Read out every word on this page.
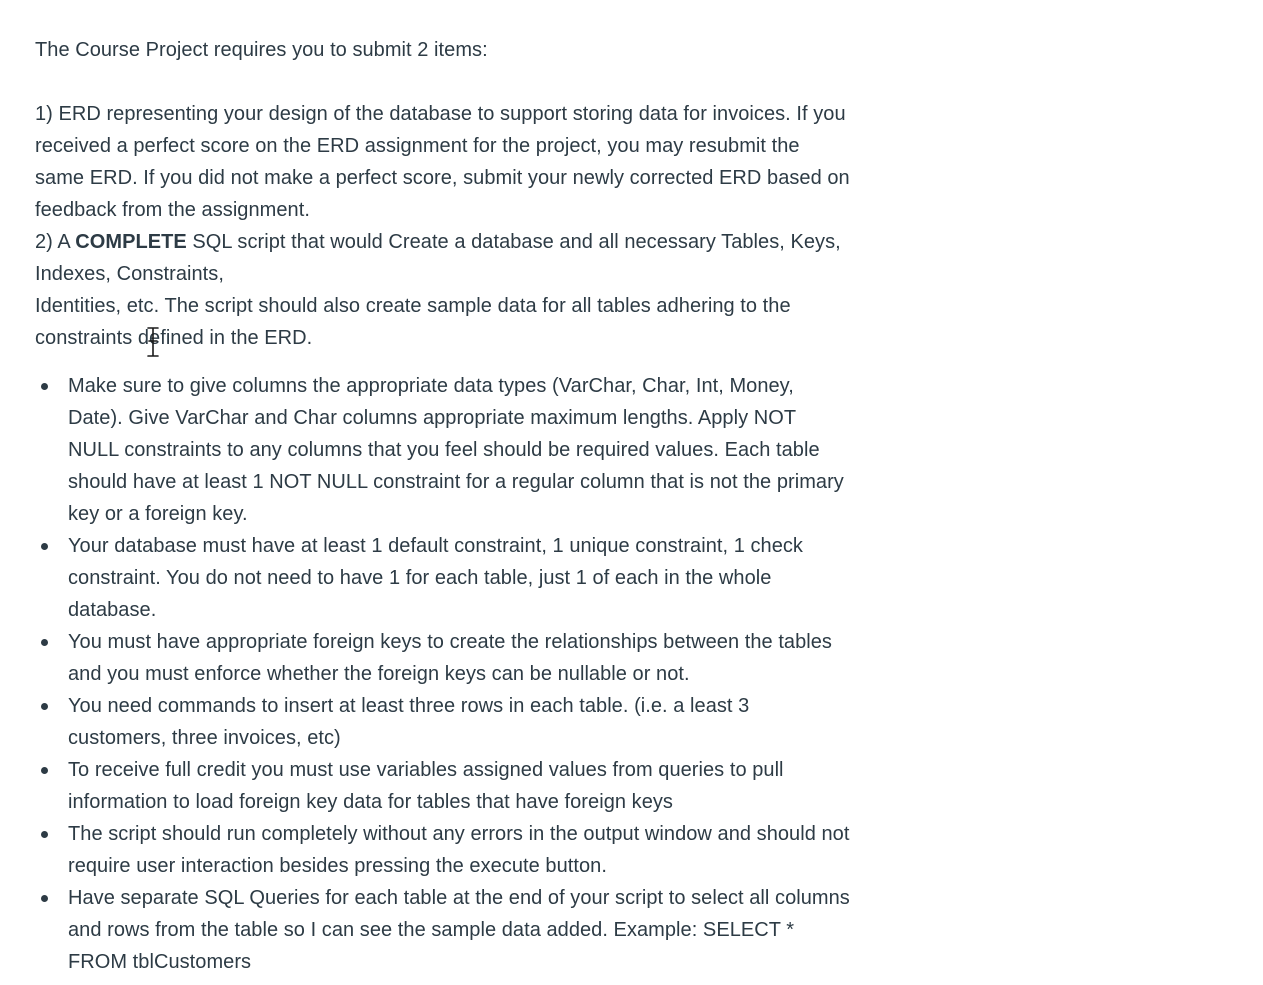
The Course Project requires you to submit 2 items:

1) ERD representing your design of the database to support storing data for invoices. If you received a perfect score on the ERD assignment for the project, you may resubmit the same ERD. If you did not make a perfect score, submit your newly corrected ERD based on feedback from the assignment.

2) A COMPLETE SQL script that would Create a database and all necessary Tables, Keys, Indexes, Constraints,

Identities, etc. The script should also create sample data for all tables adhering to the constraints defined in the ERD.

Make sure to give columns the appropriate data types (VarChar, Char, Int, Money, Date). Give VarChar and Char columns appropriate maximum lengths. Apply NOT NULL constraints to any columns that you feel should be required values. Each table should have at least 1 NOT NULL constraint for a regular column that is not the primary key or a foreign key.
Your database must have at least 1 default constraint, 1 unique constraint, 1 check constraint. You do not need to have 1 for each table, just 1 of each in the whole database.
You must have appropriate foreign keys to create the relationships between the tables and you must enforce whether the foreign keys can be nullable or not.
You need commands to insert at least three rows in each table. (i.e. a least 3 customers, three invoices, etc)
To receive full credit you must use variables assigned values from queries to pull information to load foreign key data for tables that have foreign keys
The script should run completely without any errors in the output window and should not require user interaction besides pressing the execute button.
Have separate SQL Queries for each table at the end of your script to select all columns and rows from the table so I can see the sample data added. Example: SELECT * FROM tblCustomers
